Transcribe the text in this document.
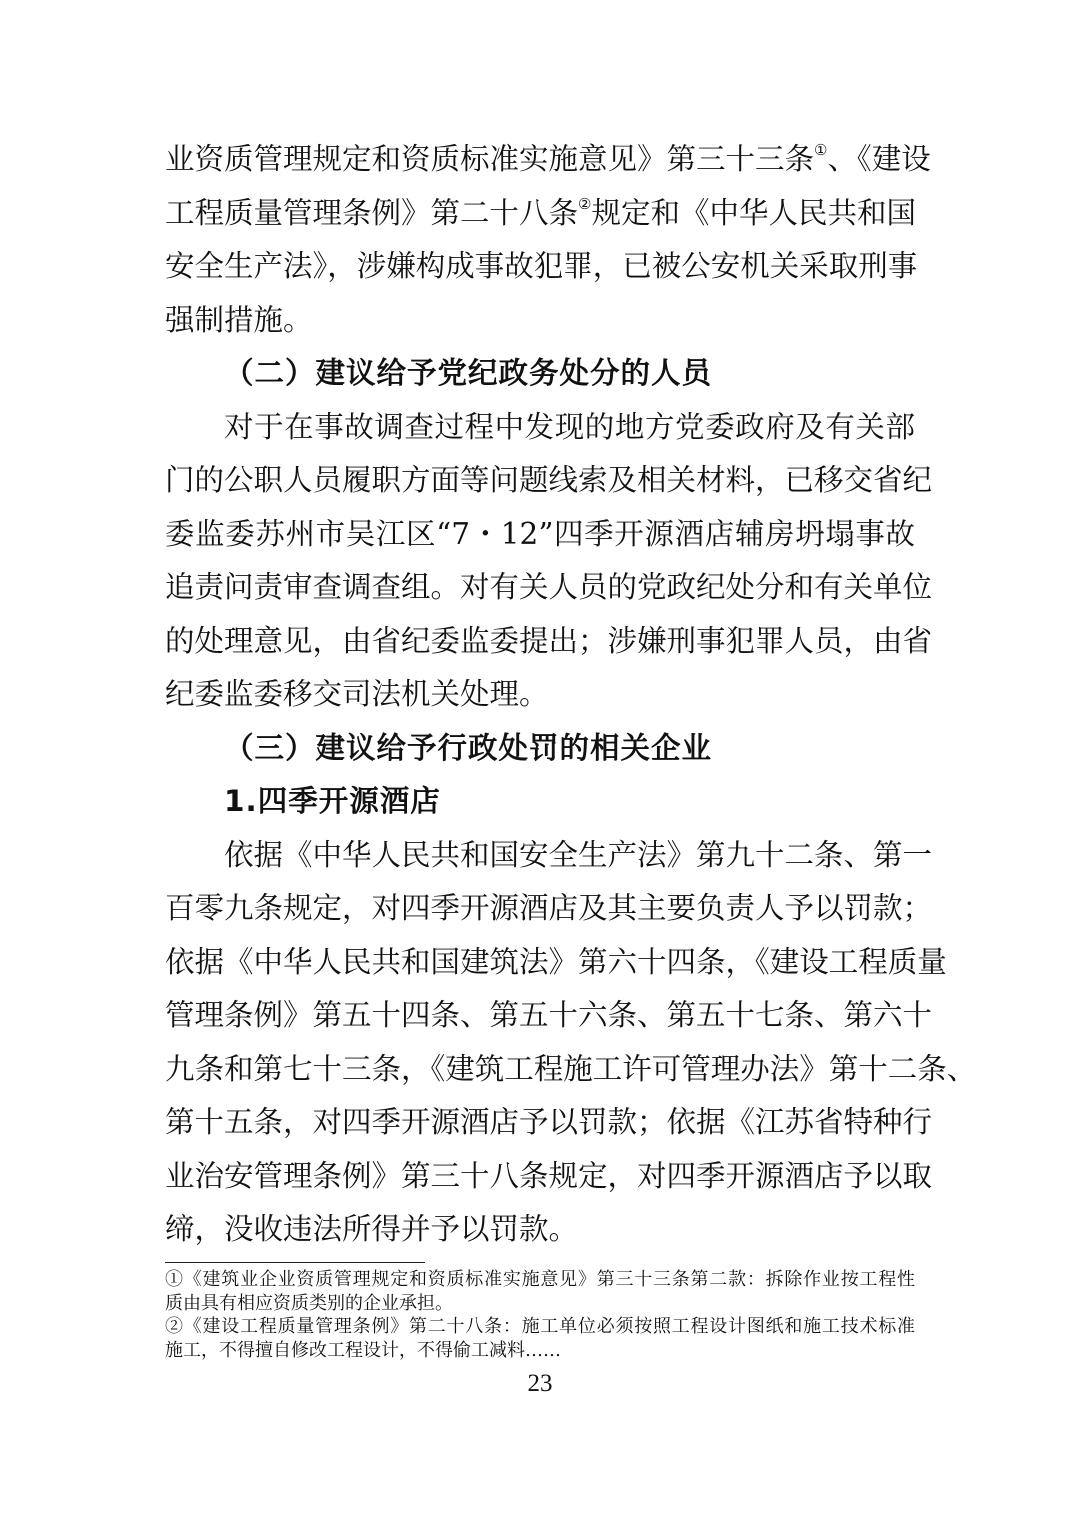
业资质管理规定和资质标准实施意见》第三十三条①、《建设
工程质量管理条例》第二十八条②规定和《中华人民共和国
安全生产法》，涉嫌构成事故犯罪，已被公安机关采取刑事
强制措施。
（二）建议给予党纪政务处分的人员
对于在事故调查过程中发现的地方党委政府及有关部
门的公职人员履职方面等问题线索及相关材料，已移交省纪
委监委苏州市吴江区“7・12”四季开源酒店辅房坍塌事故
追责问责审查调查组。对有关人员的党政纪处分和有关单位
的处理意见，由省纪委监委提出；涉嫌刑事犯罪人员，由省
纪委监委移交司法机关处理。
（三）建议给予行政处罚的相关企业
1.四季开源酒店
依据《中华人民共和国安全生产法》第九十二条、第一
百零九条规定，对四季开源酒店及其主要负责人予以罚款；
依据《中华人民共和国建筑法》第六十四条，《建设工程质量
管理条例》第五十四条、第五十六条、第五十七条、第六十
九条和第七十三条，《建筑工程施工许可管理办法》第十二条、
第十五条，对四季开源酒店予以罚款；依据《江苏省特种行
业治安管理条例》第三十八条规定，对四季开源酒店予以取
缔，没收违法所得并予以罚款。
①《建筑业企业资质管理规定和资质标准实施意见》第三十三条第二款：拆除作业按工程性
质由具有相应资质类别的企业承担。
②《建设工程质量管理条例》第二十八条：施工单位必须按照工程设计图纸和施工技术标准
施工，不得擅自修改工程设计，不得偷工减料……
23
